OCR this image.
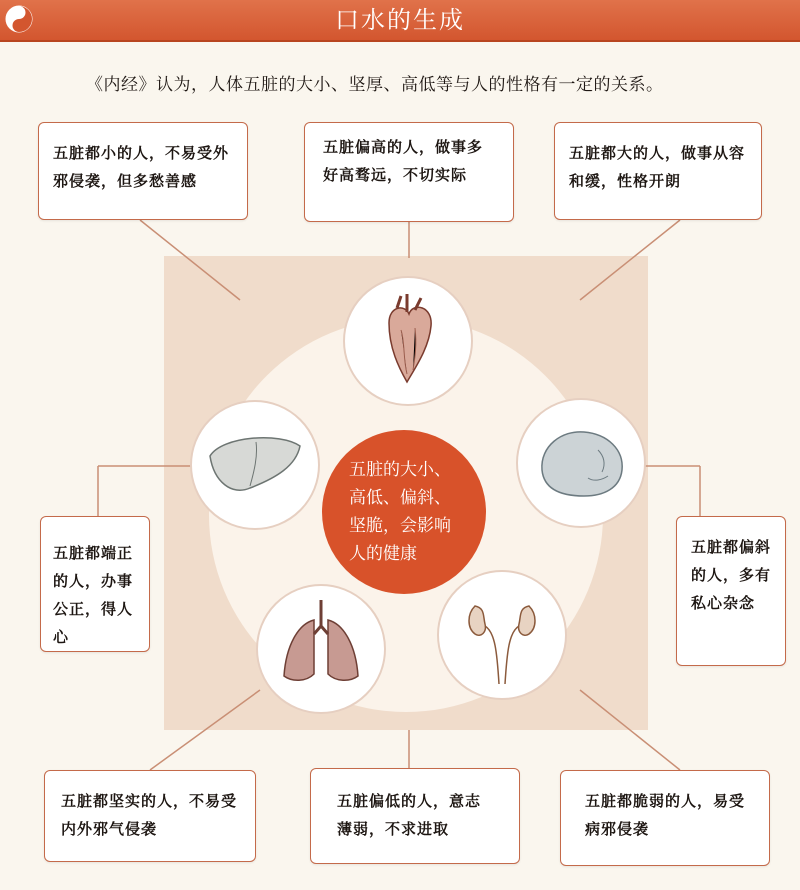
口水的生成
《内经》认为，人体五脏的大小、坚厚、高低等与人的性格有一定的关系。
五脏的大小、高低、偏斜、坚脆，会影响人的健康
五脏都小的人，不易受外邪侵袭，但多愁善感
五脏偏高的人，做事多好高骛远，不切实际
五脏都大的人，做事从容和缓，性格开朗
五脏都端正的人，办事公正，得人心
五脏都偏斜的人，多有私心杂念
五脏都坚实的人，不易受内外邪气侵袭
五脏偏低的人，意志薄弱，不求进取
五脏都脆弱的人，易受病邪侵袭
